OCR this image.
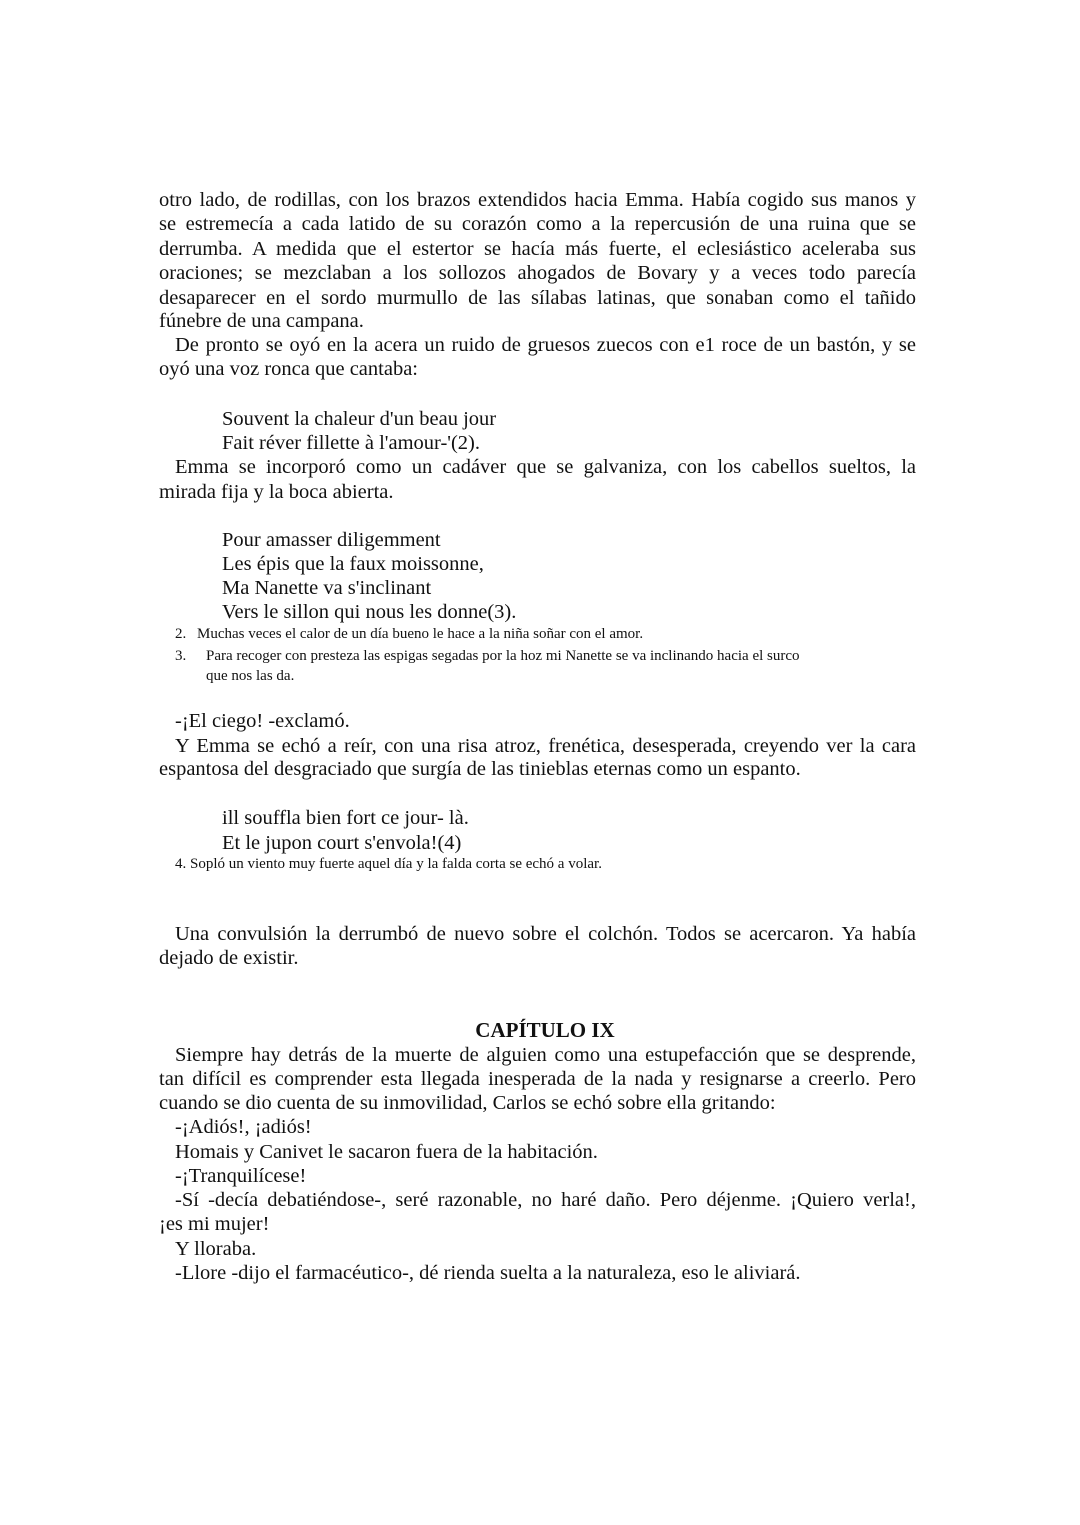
otro lado, de rodillas, con los brazos extendidos hacia Emma. Había cogido sus manos y
se estremecía a cada latido de su corazón como a la repercusión de una ruina que se
derrumba. A medida que el estertor se hacía más fuerte, el eclesiástico aceleraba sus
oraciones; se mezclaban a los sollozos ahogados de Bovary y a veces todo parecía
desaparecer en el sordo murmullo de las sílabas latinas, que sonaban como el tañido
fúnebre de una campana.
De pronto se oyó en la acera un ruido de gruesos zuecos con e1 roce de un bastón, y se
oyó una voz ronca que cantaba:
Souvent la chaleur d'un beau jour
Fait réver fillette à l'amour-'(2).
Emma se incorporó como un cadáver que se galvaniza, con los cabellos sueltos, la
mirada fija y la boca abierta.
Pour amasser diligemment
Les épis que la faux moissonne,
Ma Nanette va s'inclinant
Vers le sillon qui nous les donne(3).
2. Muchas veces el calor de un día bueno le hace a la niña soñar con el amor.
3. Para recoger con presteza las espigas segadas por la hoz mi Nanette se va inclinando hacia el surco
que nos las da.
-¡El ciego! -exclamó.
Y Emma se echó a reír, con una risa atroz, frenética, desesperada, creyendo ver la cara
espantosa del desgraciado que surgía de las tinieblas eternas como un espanto.
ill souffla bien fort ce jour- là.
Et le jupon court s'envola!(4)
4. Sopló un viento muy fuerte aquel día y la falda corta se echó a volar.
Una convulsión la derrumbó de nuevo sobre el colchón. Todos se acercaron. Ya había
dejado de existir.
CAPÍTULO IX
Siempre hay detrás de la muerte de alguien como una estupefacción que se desprende,
tan difícil es comprender esta llegada inesperada de la nada y resignarse a creerlo. Pero
cuando se dio cuenta de su inmovilidad, Carlos se echó sobre ella gritando:
-¡Adiós!, ¡adiós!
Homais y Canivet le sacaron fuera de la habitación.
-¡Tranquilícese!
-Sí -decía debatiéndose-, seré razonable, no haré daño. Pero déjenme. ¡Quiero verla!,
¡es mi mujer!
Y lloraba.
-Llore -dijo el farmacéutico-, dé rienda suelta a la naturaleza, eso le aliviará.
